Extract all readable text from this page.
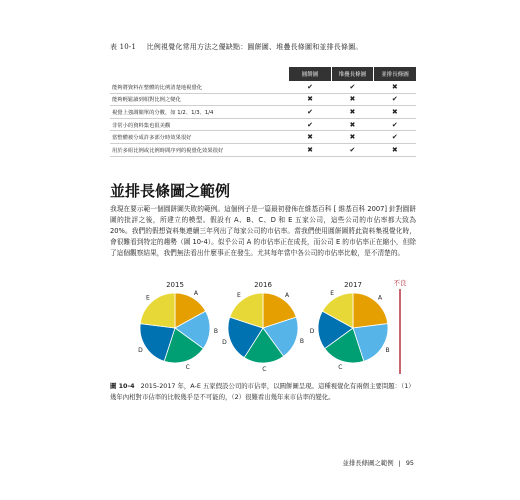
表 10-1 比例視覺化常用方法之優缺點：圓餅圖、堆疊長條圖和並排長條圖。
	圓餅圖	堆疊長條圖	並排長條圖
能夠將資料在整體的比例清楚地視覺化	✔	✔	✖
能夠輕鬆讀到相對比例之變化	✖	✖	✔
視覺上強調簡單的分數，如 1/2、1/3、1/4	✔	✖	✖
非常小的資料集也很美觀	✔	✖	✔
當整體被分成許多部分時效果很好	✖	✖	✔
用於多組比例或比例時間序列的視覺化效果很好	✖	✔	✖
並排長條圖之範例
我現在要示範一個圓餅圖失敗的範例。這個例子是一篇最初發佈在維基百科 [ 維基百科 2007] 針對圓餅圖的批評之後，所建立的模型。假設有 A、B、C、D 和 E 五家公司，這些公司的市佔率都大致為 20%。我們的假想資料集連續三年列出了每家公司的市佔率。當我們使用圓餅圖將此資料集視覺化時，會很難看到特定的趨勢（圖 10-4）。似乎公司 A 的市佔率正在成長，而公司 E 的市佔率正在縮小，但除了這個觀察結果，我們無法看出什麼事正在發生。尤其每年當中各公司的市佔率比較，是不清楚的。
2015
A
B
C
D
E
2016
A
B
C
D
E
2017
A
B
C
D
E
不良
圖 10-4 2015-2017 年，A-E 五家假設公司的市佔率，以圓餅圖呈現。這種視覺化有兩個主要問題：（1）幾年內相對市佔率的比較幾乎是不可能的，（2）很難看出幾年來市佔率的變化。
並排長條圖之範例 | 95
